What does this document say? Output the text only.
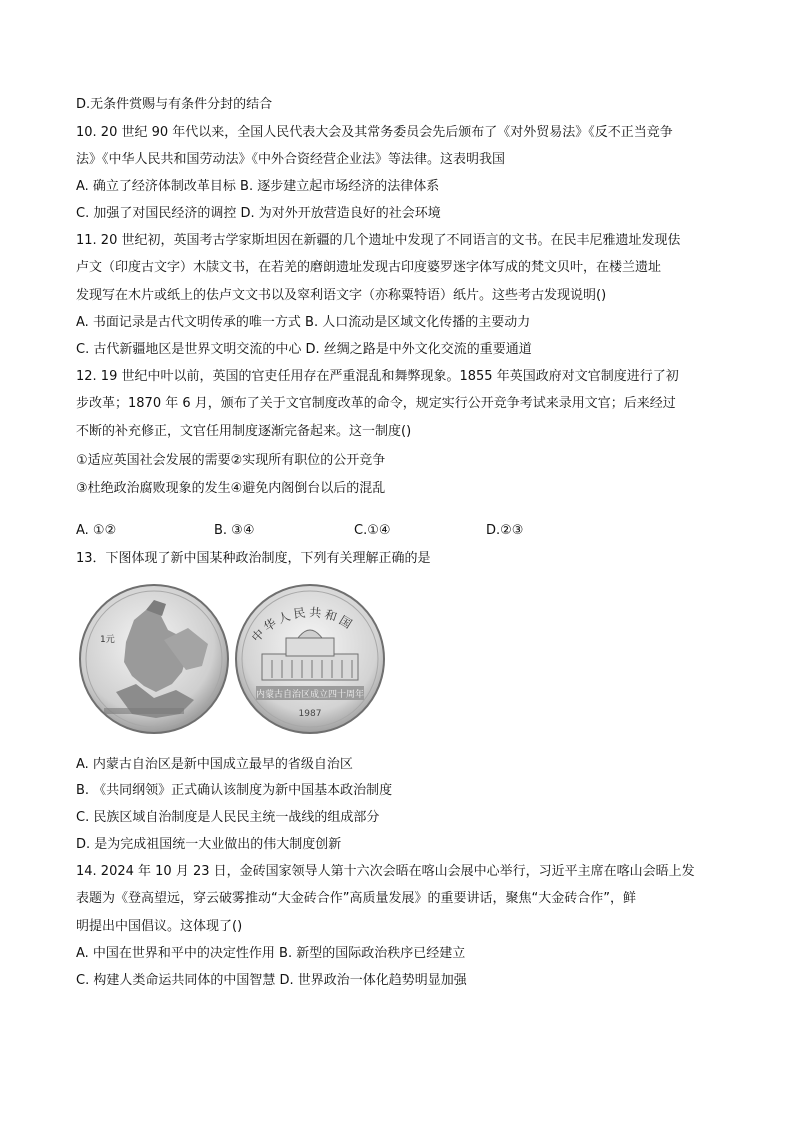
D.无条件赏赐与有条件分封的结合
10. 20 世纪 90 年代以来，全国人民代表大会及其常务委员会先后颁布了《对外贸易法》《反不正当竞争
法》《中华人民共和国劳动法》《中外合资经营企业法》等法律。这表明我国
A. 确立了经济体制改革目标 B. 逐步建立起市场经济的法律体系
C. 加强了对国民经济的调控 D. 为对外开放营造良好的社会环境
11. 20 世纪初，英国考古学家斯坦因在新疆的几个遗址中发现了不同语言的文书。在民丰尼雅遗址发现佉
卢文（印度古文字）木牍文书，在若羌的磨朗遗址发现古印度婆罗迷字体写成的梵文贝叶，在楼兰遗址
发现写在木片或纸上的佉卢文文书以及窣利语文字（亦称粟特语）纸片。这些考古发现说明()
A. 书面记录是古代文明传承的唯一方式 B. 人口流动是区域文化传播的主要动力
C. 古代新疆地区是世界文明交流的中心 D. 丝绸之路是中外文化交流的重要通道
12. 19 世纪中叶以前，英国的官吏任用存在严重混乱和舞弊现象。1855 年英国政府对文官制度进行了初
步改革；1870 年 6 月，颁布了关于文官制度改革的命令，规定实行公开竞争考试来录用文官；后来经过
不断的补充修正，文官任用制度逐渐完备起来。这一制度()
①适应英国社会发展的需要②实现所有职位的公开竞争
③杜绝政治腐败现象的发生④避免内阁倒台以后的混乱
A. ①②	B. ③④	C.①④	D.②③
13．下图体现了新中国某种政治制度，下列有关理解正确的是
1元	中华人民共和国
内蒙古自治区成立四十周年
1987
A. 内蒙古自治区是新中国成立最早的省级自治区
B. 《共同纲领》正式确认该制度为新中国基本政治制度
C. 民族区域自治制度是人民民主统一战线的组成部分
D. 是为完成祖国统一大业做出的伟大制度创新
14. 2024 年 10 月 23 日，金砖国家领导人第十六次会晤在喀山会展中心举行，习近平主席在喀山会晤上发
表题为《登高望远，穿云破雾推动“大金砖合作”高质量发展》的重要讲话，聚焦“大金砖合作”，鲜
明提出中国倡议。这体现了()
A. 中国在世界和平中的决定性作用 B. 新型的国际政治秩序已经建立
C. 构建人类命运共同体的中国智慧 D. 世界政治一体化趋势明显加强
